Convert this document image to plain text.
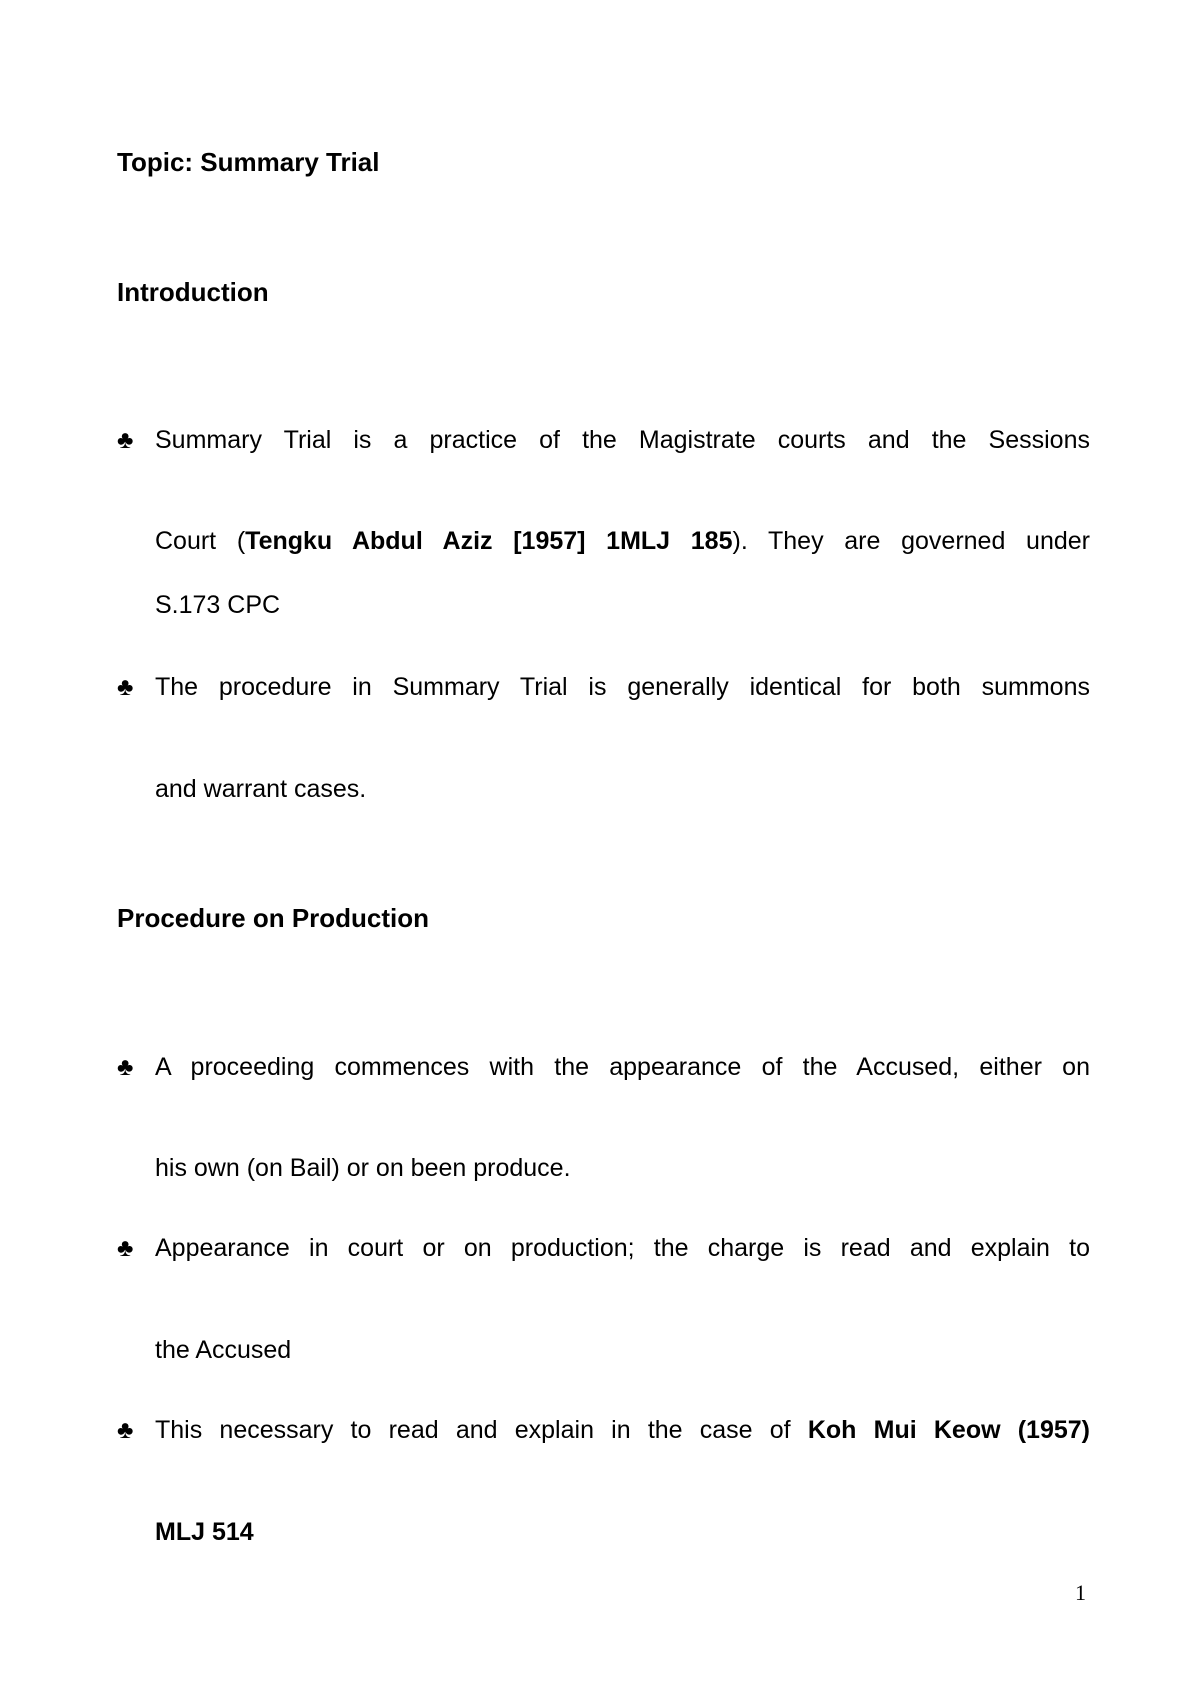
Topic: Summary Trial
Introduction
♣ Summary Trial is a practice of the Magistrate courts and the Sessions
Court (Tengku Abdul Aziz [1957] 1MLJ 185). They are governed under
S.173 CPC
♣ The procedure in Summary Trial is generally identical for both summons
and warrant cases.
Procedure on Production
♣ A proceeding commences with the appearance of the Accused, either on
his own (on Bail) or on been produce.
♣ Appearance in court or on production; the charge is read and explain to
the Accused
♣ This necessary to read and explain in the case of Koh Mui Keow (1957)
MLJ 514
1
